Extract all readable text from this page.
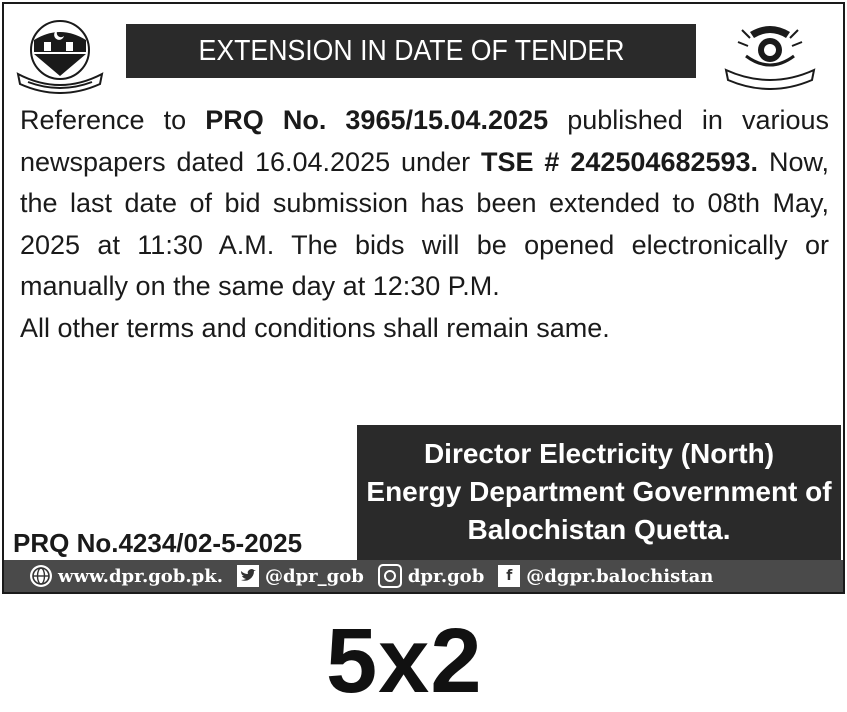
EXTENSION IN DATE OF TENDER

Reference to PRQ No. 3965/15.04.2025 published in various newspapers dated 16.04.2025 under TSE # 242504682593. Now, the last date of bid submission has been extended to 08th May, 2025 at 11:30 A.M. The bids will be opened electronically or manually on the same day at 12:30 P.M.

All other terms and conditions shall remain same.

Director Electricity (North)
Energy Department Government of
Balochistan Quetta.
PRQ No.4234/02-5-2025
www.dpr.gob.pk. @dpr_gob dpr.gob	f @dgpr.balochistan
5x2
